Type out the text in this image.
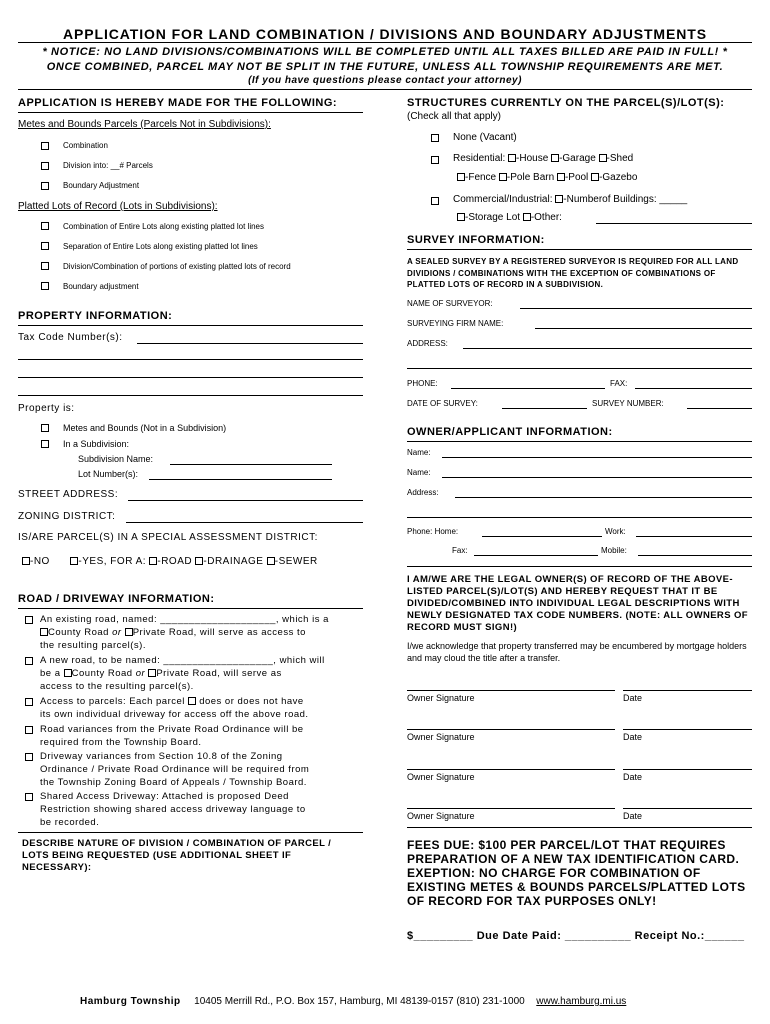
APPLICATION FOR LAND COMBINATION / DIVISIONS AND BOUNDARY ADJUSTMENTS
* NOTICE: NO LAND DIVISIONS/COMBINATIONS WILL BE COMPLETED UNTIL ALL TAXES BILLED ARE PAID IN FULL! *
ONCE COMBINED, PARCEL MAY NOT BE SPLIT IN THE FUTURE, UNLESS ALL TOWNSHIP REQUIREMENTS ARE MET.
(If you have questions please contact your attorney)
APPLICATION IS HEREBY MADE FOR THE FOLLOWING:
Metes and Bounds Parcels (Parcels Not in Subdivisions):
Combination
Division into: __# Parcels
Boundary Adjustment
Platted Lots of Record (Lots in Subdivisions):
Combination of Entire Lots along existing platted lot lines
Separation of Entire Lots along existing platted lot lines
Division/Combination of portions of existing platted lots of record
Boundary adjustment
PROPERTY INFORMATION:
Tax Code Number(s):
Property is:
Metes and Bounds (Not in a Subdivision)
In a Subdivision:
Subdivision Name:
Lot Number(s):
STREET ADDRESS:
ZONING DISTRICT:
IS/ARE PARCEL(S) IN A SPECIAL ASSESSMENT DISTRICT:
-NO	-YES, FOR A: -ROAD -DRAINAGE -SEWER
ROAD / DRIVEWAY INFORMATION:
An existing road, named: ____________________, which is a
County Road or Private Road, will serve as access to
the resulting parcel(s).
A new road, to be named: ___________________, which will
be a County Road or Private Road, will serve as
access to the resulting parcel(s).
Access to parcels: Each parcel does or does not have
its own individual driveway for access off the above road.
Road variances from the Private Road Ordinance will be
required from the Township Board.
Driveway variances from Section 10.8 of the Zoning
Ordinance / Private Road Ordinance will be required from
the Township Zoning Board of Appeals / Township Board.
Shared Access Driveway: Attached is proposed Deed
Restriction showing shared access driveway language to
be recorded.
DESCRIBE NATURE OF DIVISION / COMBINATION OF PARCEL / LOTS BEING REQUESTED (USE ADDITIONAL SHEET IF NECESSARY):
STRUCTURES CURRENTLY ON THE PARCEL(S)/LOT(S):
(Check all that apply)
None (Vacant)
Residential: -House -Garage -Shed
-Fence -Pole Barn -Pool -Gazebo
Commercial/Industrial: -Numberof Buildings: _____
-Storage Lot -Other:
SURVEY INFORMATION:
A SEALED SURVEY BY A REGISTERED SURVEYOR IS REQUIRED FOR ALL LAND DIVIDIONS / COMBINATIONS WITH THE EXCEPTION OF COMBINATIONS OF PLATTED LOTS OF RECORD IN A SUBDIVISION.
NAME OF SURVEYOR:
SURVEYING FIRM NAME:
ADDRESS:
PHONE:	FAX:
DATE OF SURVEY:	SURVEY NUMBER:
OWNER/APPLICANT INFORMATION:
Name:
Name:
Address:
Phone: Home:	Work:
Fax:	Mobile:
I AM/WE ARE THE LEGAL OWNER(S) OF RECORD OF THE ABOVE-LISTED PARCEL(S)/LOT(S) AND HEREBY REQUEST THAT IT BE DIVIDED/COMBINED INTO INDIVIDUAL LEGAL DESCRIPTIONS WITH NEWLY DESIGNATED TAX CODE NUMBERS. (NOTE: ALL OWNERS OF RECORD MUST SIGN!)
I/we acknowledge that property transferred may be encumbered by mortgage holders and may cloud the title after a transfer.
Owner Signature	Date
Owner Signature	Date
Owner Signature	Date
Owner Signature	Date
FEES DUE: $100 PER PARCEL/LOT THAT REQUIRES PREPARATION OF A NEW TAX IDENTIFICATION CARD. EXEPTION: NO CHARGE FOR COMBINATION OF EXISTING METES & BOUNDS PARCELS/PLATTED LOTS OF RECORD FOR TAX PURPOSES ONLY!
$_________ Due Date Paid: __________ Receipt No.:______
Hamburg Township 10405 Merrill Rd., P.O. Box 157, Hamburg, MI 48139-0157 (810) 231-1000 www.hamburg.mi.us
